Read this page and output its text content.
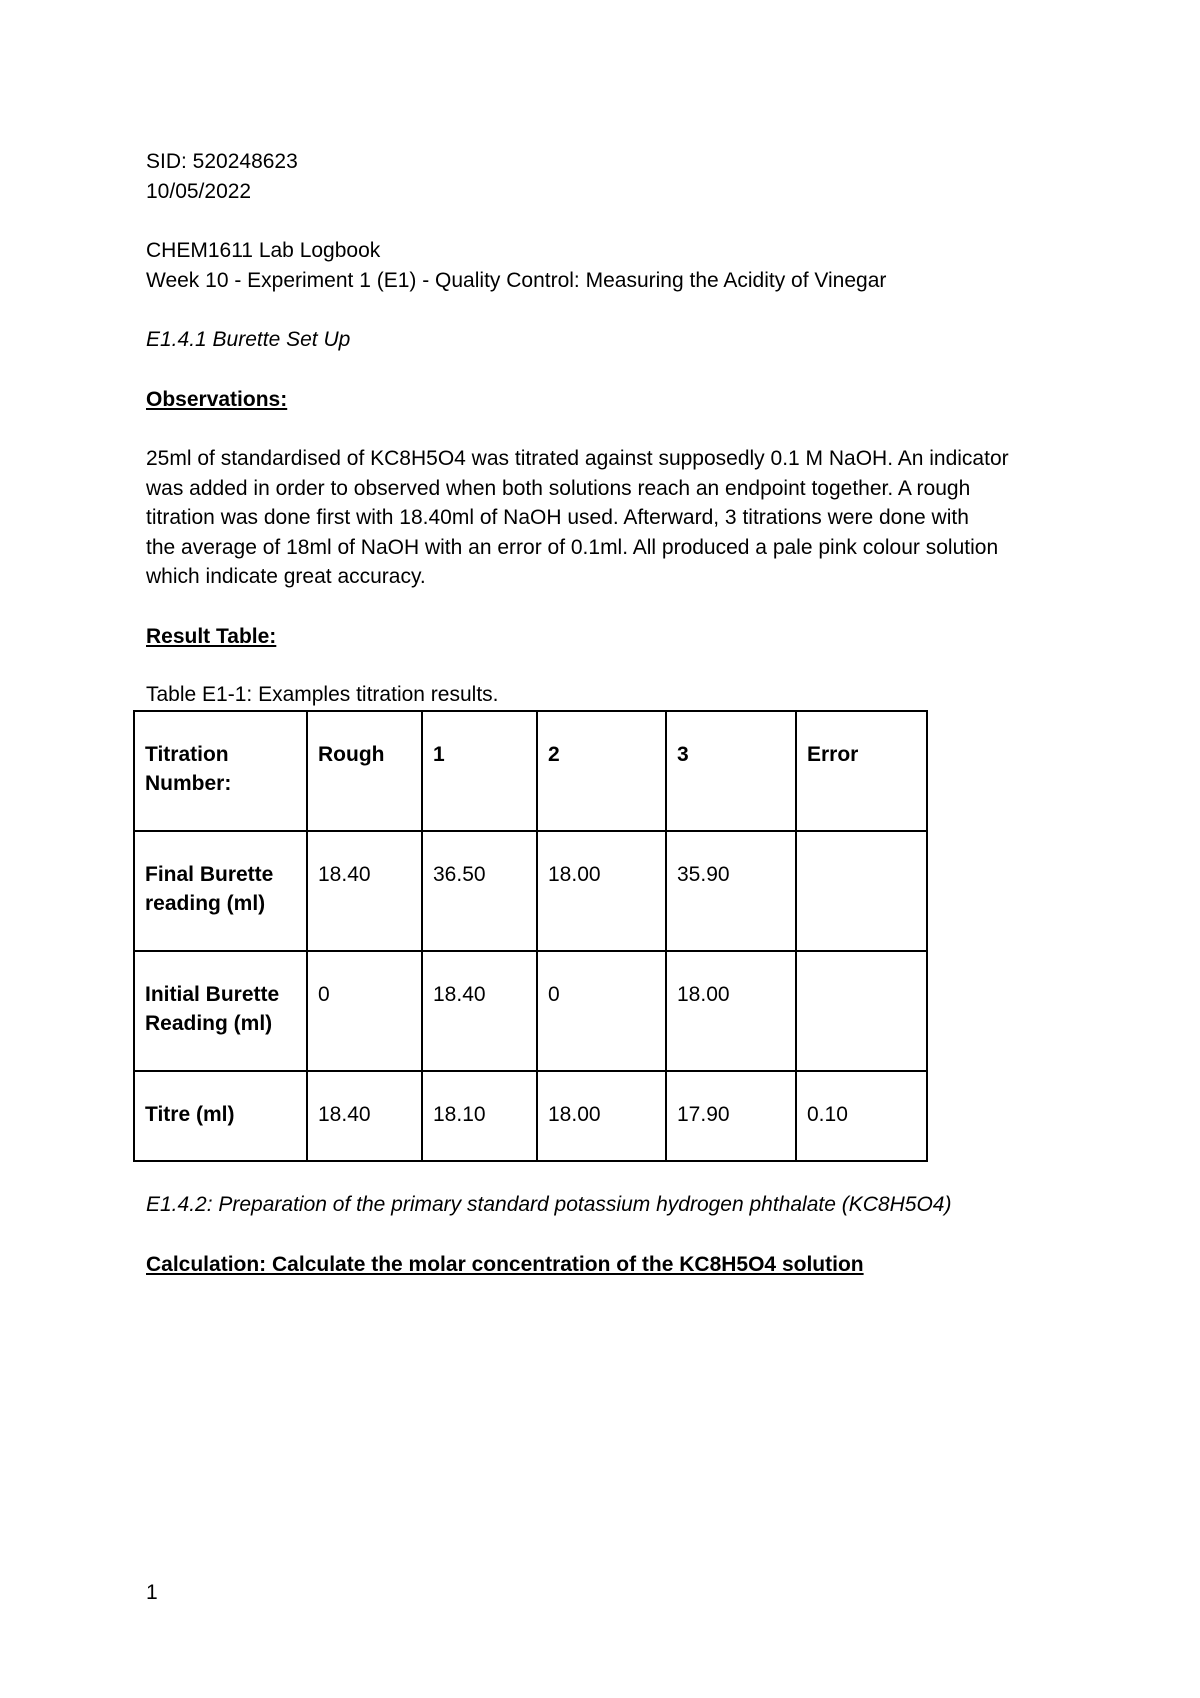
SID: 520248623
10/05/2022
CHEM1611 Lab Logbook
Week 10 - Experiment 1 (E1) - Quality Control: Measuring the Acidity of Vinegar
E1.4.1 Burette Set Up
Observations:
25ml of standardised of KC8H5O4 was titrated against supposedly 0.1 M NaOH. An indicator
was added in order to observed when both solutions reach an endpoint together. A rough
titration was done first with 18.40ml of NaOH used. Afterward, 3 titrations were done with
the average of 18ml of NaOH with an error of 0.1ml. All produced a pale pink colour solution
which indicate great accuracy.
Result Table:
Table E1-1: Examples titration results.
Titration Number:	Rough	1	2	3	Error
Final Burette reading (ml)	18.40	36.50	18.00	35.90	
Initial Burette Reading (ml)	0	18.40	0	18.00	
Titre (ml)	18.40	18.10	18.00	17.90	0.10
E1.4.2: Preparation of the primary standard potassium hydrogen phthalate (KC8H5O4)
Calculation: Calculate the molar concentration of the KC8H5O4 solution
1
